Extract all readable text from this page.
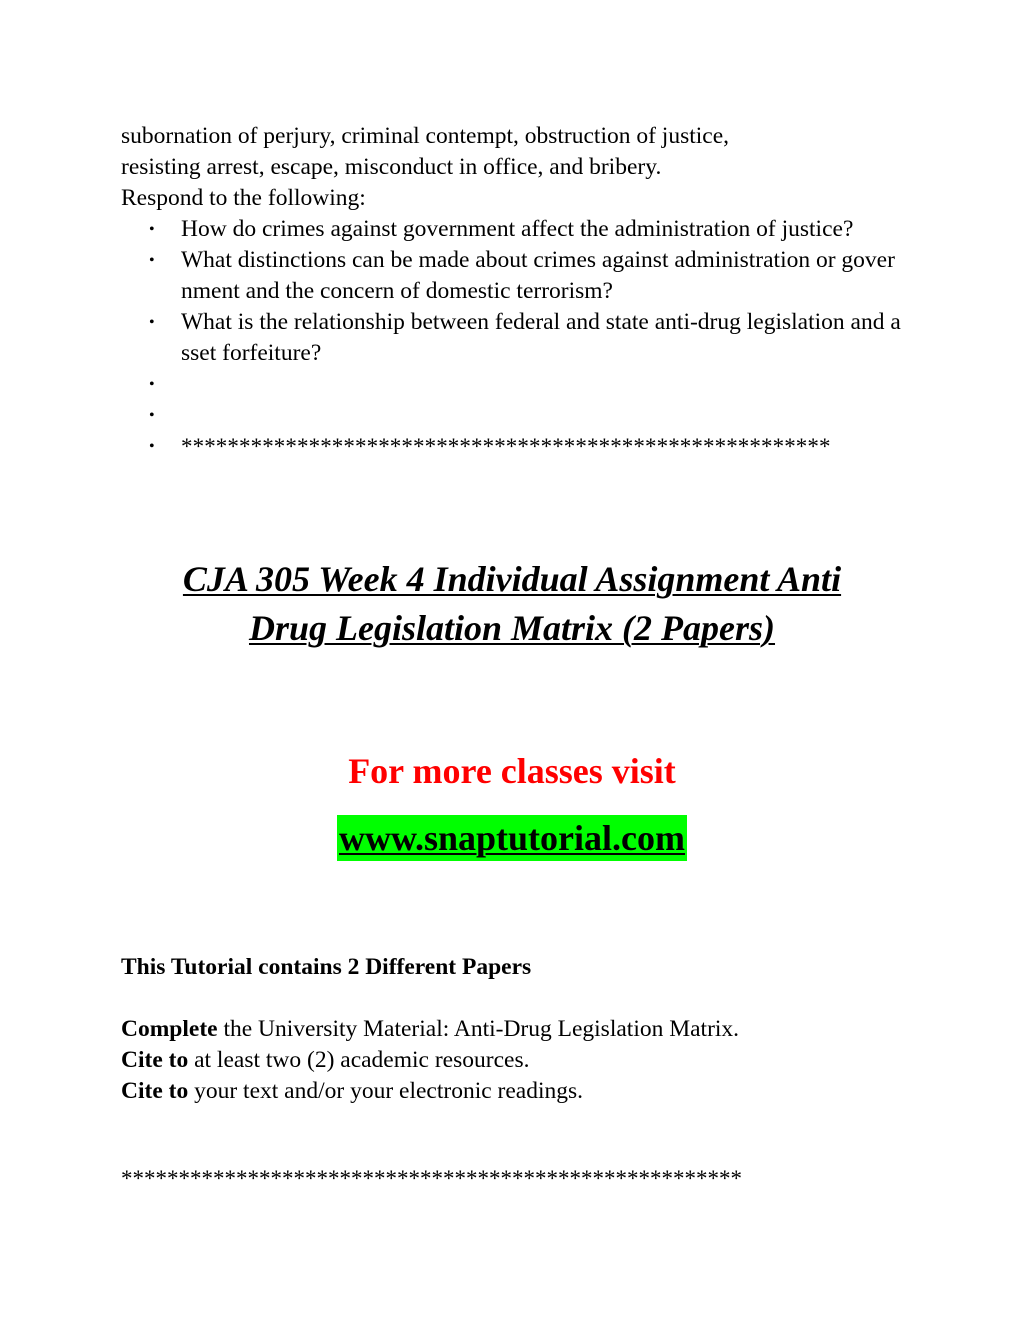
subornation of perjury, criminal contempt, obstruction of justice,

resisting arrest, escape, misconduct in office, and bribery.

Respond to the following:

• How do crimes against government affect the administration of justice?
• What distinctions can be made about crimes against administration or government and the concern of domestic terrorism?
• What is the relationship between federal and state anti-drug legislation and asset forfeiture?
•
•
• ********************************************************
CJA 305 Week 4 Individual Assignment Anti
Drug Legislation Matrix (2 Papers)
For more classes visit
www.snaptutorial.com
This Tutorial contains 2 Different Papers

Complete the University Material: Anti-Drug Legislation Matrix.

Cite to at least two (2) academic resources.

Cite to your text and/or your electronic readings.

******************************************************
